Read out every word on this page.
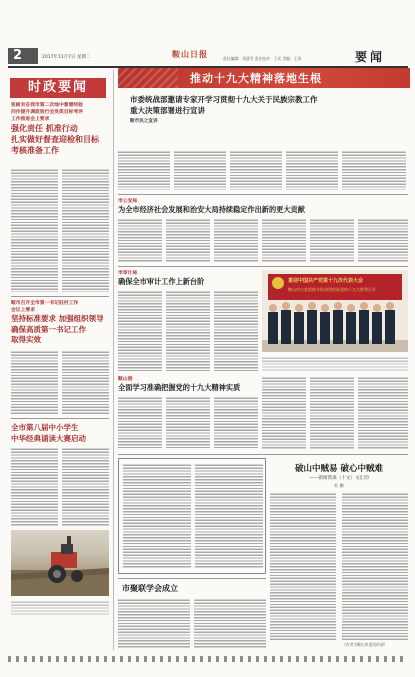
2	2017年11月7日 星期二	鞍山日报	责任编辑：刘清雪 责任校对：王光 美编：王涛	要闻
时政要闻
张耐农在我市第二次地中督督经验
问作提升调政效行会发质目标考评
工作推进会上要求
强化责任 抓准行动
扎实做好督查迎检和目标
考核准备工作
鞍市召开全市第一书记驻村工作
会议上要求
坚持标准要求 加强组织领导
确保高质第一书记工作
取得实效
全市第八届中小学生
中华经典诵读大赛启动
推动十九大精神落地生根
市委统战部邀请专家开学习贯彻十九大关于民族宗教工作
重大决策部署进行宣讲
鞍市民之宣讲
市公安局
为全市经济社会发展和治安大局持续稳定作出新的更大贡献
市审计局
确保全市审计工作上新台阶	喜迎中国共产党第十九次代表大会
鞍山市公安消防支队热烈庆祝党的十九大胜利召开
鞍山港
全面学习准确把握党的十九大精神实质
破山中贼易 破心中贼难
——新闻我谈（十文）文汇的
杜 鹏
（作者为鞍山市委宣传部）
市聚联学会成立
